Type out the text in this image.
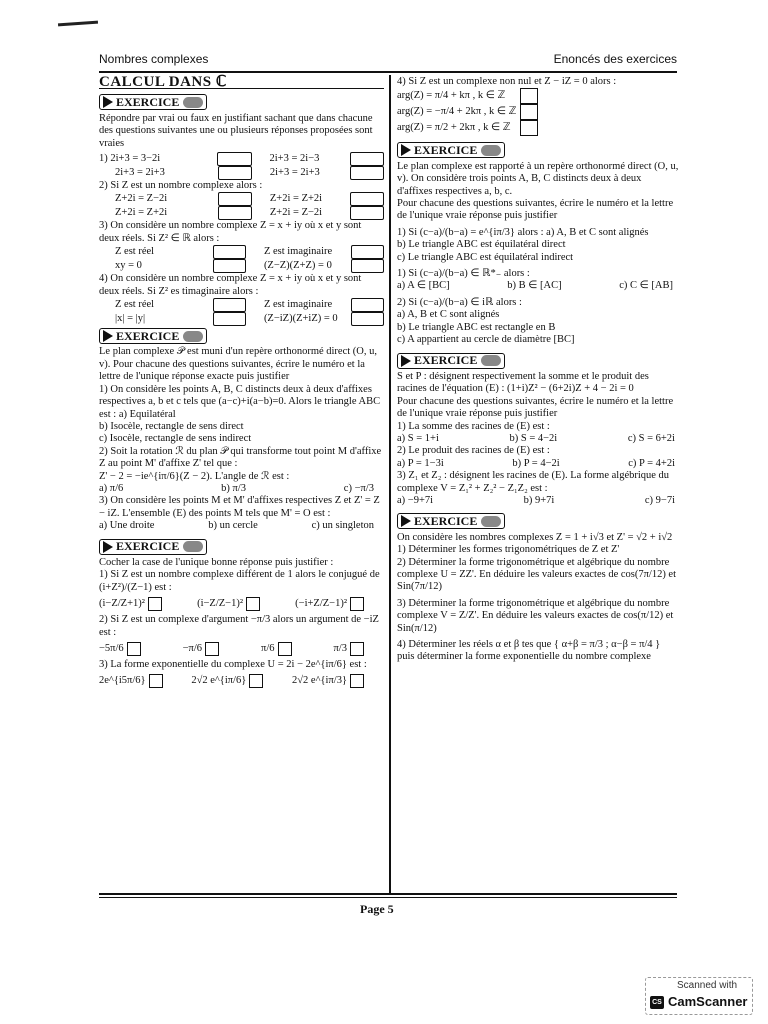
Nombres complexes	Enoncés des exercices
CALCUL DANS ℂ
EXERCICE

Répondre par vrai ou faux en justifiant sachant que dans chacune des questions suivantes une ou plusieurs réponses proposées sont vraies

1) 2i+3 = 3−2i	2i+3 = 2i−3
2i+3 = 2i+3	2i+3 = 2i+3

2) Si Z est un nombre complexe alors :

Z+2i = Z−2i	Z+2i = Z+2i
Z+2i = Z+2i	Z+2i = Z−2i

3) On considère un nombre complexe Z = x + iy où x et y sont deux réels. Si Z² ∈ ℝ alors :

Z est réel	Z est imaginaire
xy = 0	(Z−Z)(Z+Z) = 0

4) On considère un nombre complexe Z = x + iy où x et y sont deux réels. Si Z² es timaginaire alors :

Z est réel	Z est imaginaire
|x| = |y|	(Z−iZ)(Z+iZ) = 0
EXERCICE

Le plan complexe 𝒫 est muni d'un repère orthonormé direct (O, u, v). Pour chacune des questions suivantes, écrire le numéro et la lettre de l'unique réponse exacte puis justifier

1) On considère les points A, B, C distincts deux à deux d'affixes respectives a, b et c tels que (a−c)+i(a−b)=0. Alors le triangle ABC est : a) Equilatéral

b) Isocèle, rectangle de sens direct

c) Isocèle, rectangle de sens indirect

2) Soit la rotation ℛ du plan 𝒫 qui transforme tout point M d'affixe Z au point M' d'affixe Z' tel que :

Z' − 2 = −ie^{iπ/6}(Z − 2). L'angle de ℛ est :

a) π/6	b) π/3	c) −π/3

3) On considère les points M et M' d'affixes respectives Z et Z' = Z − iZ. L'ensemble (E) des points M tels que M' = O est :

a) Une droite	b) un cercle	c) un singleton
EXERCICE

Cocher la case de l'unique bonne réponse puis justifier :

1) Si Z est un nombre complexe différent de 1 alors le conjugué de (i+Z²)/(Z−1) est :

(i−Z/Z+1)²	(i−Z/Z−1)²	(−i+Z/Z−1)²

2) Si Z est un complexe d'argument −π/3 alors un argument de −iZ est :

−5π/6	−π/6	π/6	π/3

3) La forme exponentielle du complexe U = 2i − 2e^{iπ/6} est :

2e^{i5π/6}	2√2 e^{iπ/6}	2√2 e^{iπ/3}

4) Si Z est un complexe non nul et Z − iZ = 0 alors :

arg(Z) = π/4 + kπ , k ∈ ℤ
arg(Z) = −π/4 + 2kπ , k ∈ ℤ
arg(Z) = π/2 + 2kπ , k ∈ ℤ
EXERCICE

Le plan complexe est rapporté à un repère orthonormé direct (O, u, v). On considère trois points A, B, C distincts deux à deux d'affixes respectives a, b, c.

Pour chacune des questions suivantes, écrire le numéro et la lettre de l'unique vraie réponse puis justifier

1) Si (c−a)/(b−a) = e^{iπ/3} alors : a) A, B et C sont alignés

b) Le triangle ABC est équilatéral direct

c) Le triangle ABC est équilatéral indirect

1) Si (c−a)/(b−a) ∈ ℝ*₋ alors :

a) A ∈ [BC]	b) B ∈ [AC]	c) C ∈ [AB]

2) Si (c−a)/(b−a) ∈ iℝ alors :

a) A, B et C sont alignés

b) Le triangle ABC est rectangle en B

c) A appartient au cercle de diamètre [BC]

EXERCICE

S et P : désignent respectivement la somme et le produit des racines de l'équation (E) : (1+i)Z² − (6+2i)Z + 4 − 2i = 0

Pour chacune des questions suivantes, écrire le numéro et la lettre de l'unique vraie réponse puis justifier

1) La somme des racines de (E) est :

a) S = 1+i	b) S = 4−2i	c) S = 6+2i

2) Le produit des racines de (E) est :

a) P = 1−3i	b) P = 4−2i	c) P = 4+2i

3) Z₁ et Z₂ : désignent les racines de (E). La forme algébrique du complexe V = Z₁² + Z₂² − Z₁Z₂ est :

a) −9+7i	b) 9+7i	c) 9−7i
EXERCICE

On considère les nombres complexes Z = 1 + i√3 et Z' = √2 + i√2

1) Déterminer les formes trigonométriques de Z et Z'

2) Déterminer la forme trigonométrique et algébrique du nombre complexe U = ZZ'. En déduire les valeurs exactes de cos(7π/12) et Sin(7π/12)

3) Déterminer la forme trigonométrique et algébrique du nombre complexe V = Z/Z'. En déduire les valeurs exactes de cos(π/12) et Sin(π/12)

4) Déterminer les réels α et β tes que { α+β = π/3 ; α−β = π/4 } puis déterminer la forme exponentielle du nombre complexe

Page 5
Scanned with
CS CamScanner
